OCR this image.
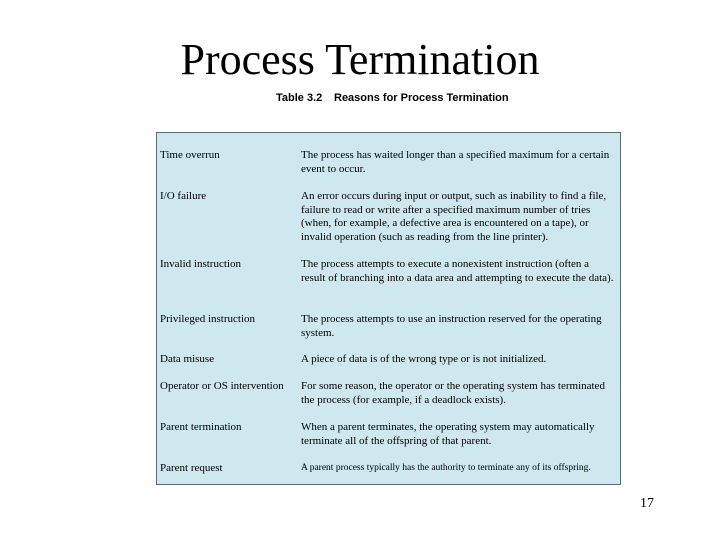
Process Termination
Table 3.2 Reasons for Process Termination
Time overrun	The process has waited longer than a specified maximum for a certain event to occur.
I/O failure	An error occurs during input or output, such as inability to find a file, failure to read or write after a specified maximum number of tries (when, for example, a defective area is encountered on a tape), or invalid operation (such as reading from the line printer).
Invalid instruction	The process attempts to execute a nonexistent instruction (often a result of branching into a data area and attempting to execute the data).
Privileged instruction	The process attempts to use an instruction reserved for the operating system.
Data misuse	A piece of data is of the wrong type or is not initialized.
Operator or OS intervention	For some reason, the operator or the operating system has terminated the process (for example, if a deadlock exists).
Parent termination	When a parent terminates, the operating system may automatically terminate all of the offspring of that parent.
Parent request	A parent process typically has the authority to terminate any of its offspring.
17
